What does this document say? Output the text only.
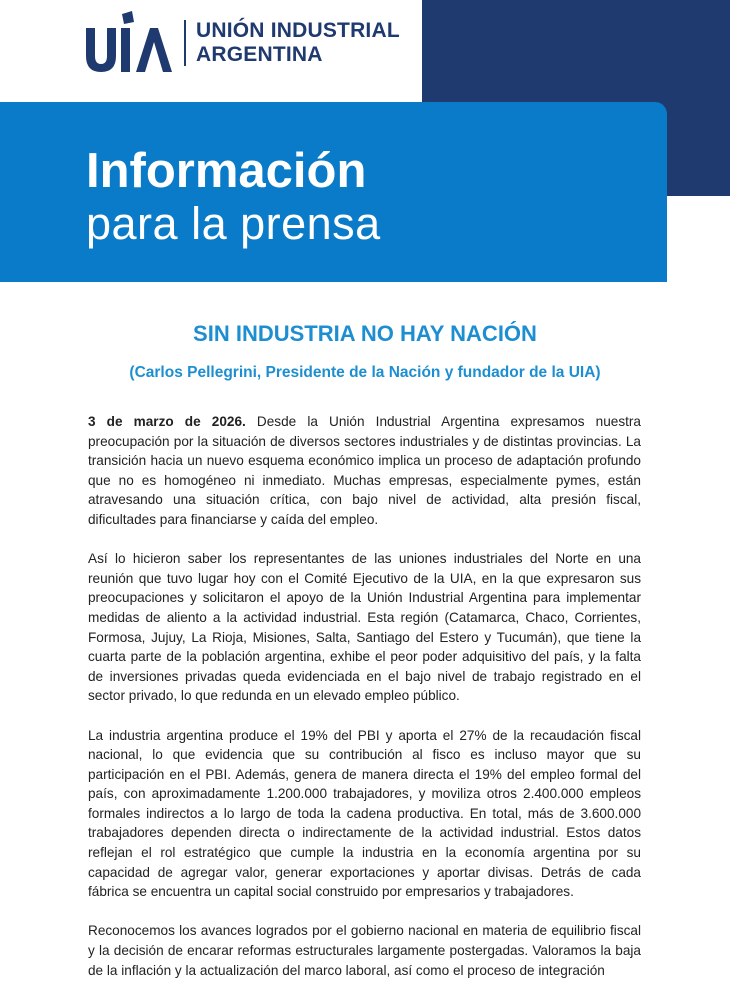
UNIÓN INDUSTRIAL
ARGENTINA
Información
para la prensa
SIN INDUSTRIA NO HAY NACIÓN
(Carlos Pellegrini, Presidente de la Nación y fundador de la UIA)

3 de marzo de 2026. Desde la Unión Industrial Argentina expresamos nuestra preocupación por la situación de diversos sectores industriales y de distintas provincias. La transición hacia un nuevo esquema económico implica un proceso de adaptación profundo que no es homogéneo ni inmediato. Muchas empresas, especialmente pymes, están atravesando una situación crítica, con bajo nivel de actividad, alta presión fiscal, dificultades para financiarse y caída del empleo.

Así lo hicieron saber los representantes de las uniones industriales del Norte en una reunión que tuvo lugar hoy con el Comité Ejecutivo de la UIA, en la que expresaron sus preocupaciones y solicitaron el apoyo de la Unión Industrial Argentina para implementar medidas de aliento a la actividad industrial. Esta región (Catamarca, Chaco, Corrientes, Formosa, Jujuy, La Rioja, Misiones, Salta, Santiago del Estero y Tucumán), que tiene la cuarta parte de la población argentina, exhibe el peor poder adquisitivo del país, y la falta de inversiones privadas queda evidenciada en el bajo nivel de trabajo registrado en el sector privado, lo que redunda en un elevado empleo público.

La industria argentina produce el 19% del PBI y aporta el 27% de la recaudación fiscal nacional, lo que evidencia que su contribución al fisco es incluso mayor que su participación en el PBI. Además, genera de manera directa el 19% del empleo formal del país, con aproximadamente 1.200.000 trabajadores, y moviliza otros 2.400.000 empleos formales indirectos a lo largo de toda la cadena productiva. En total, más de 3.600.000 trabajadores dependen directa o indirectamente de la actividad industrial. Estos datos reflejan el rol estratégico que cumple la industria en la economía argentina por su capacidad de agregar valor, generar exportaciones y aportar divisas. Detrás de cada fábrica se encuentra un capital social construido por empresarios y trabajadores.

Reconocemos los avances logrados por el gobierno nacional en materia de equilibrio fiscal y la decisión de encarar reformas estructurales largamente postergadas. Valoramos la baja de la inflación y la actualización del marco laboral, así como el proceso de integración
